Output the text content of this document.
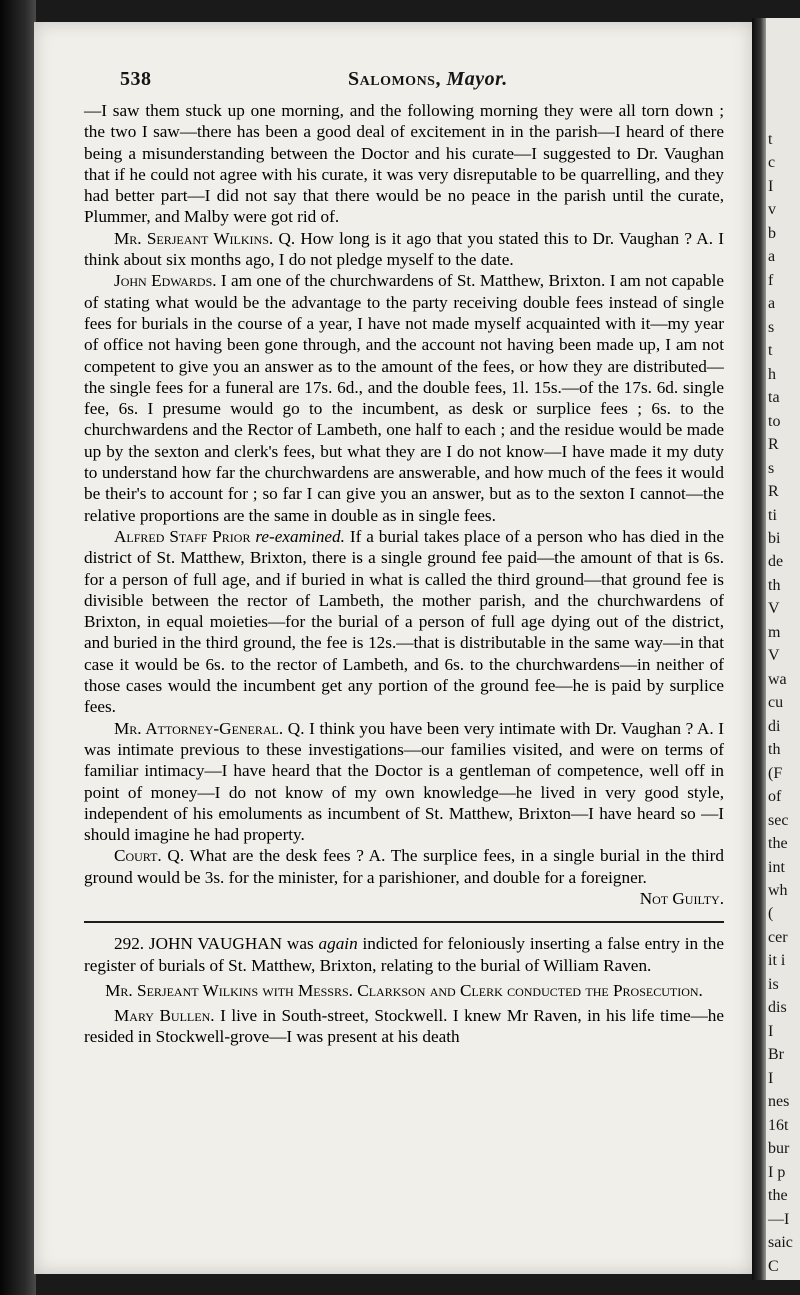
538	Salomons, Mayor.

—I saw them stuck up one morning, and the following morning they were all torn down ; the two I saw—there has been a good deal of excitement in in the parish—I heard of there being a misunderstanding between the Doctor and his curate—I suggested to Dr. Vaughan that if he could not agree with his curate, it was very disreputable to be quarrelling, and they had better part—I did not say that there would be no peace in the parish until the curate, Plummer, and Malby were got rid of.

Mr. Serjeant Wilkins. Q. How long is it ago that you stated this to Dr. Vaughan ? A. I think about six months ago, I do not pledge myself to the date.

John Edwards. I am one of the churchwardens of St. Matthew, Brixton. I am not capable of stating what would be the advantage to the party receiving double fees instead of single fees for burials in the course of a year, I have not made myself acquainted with it—my year of office not having been gone through, and the account not having been made up, I am not competent to give you an answer as to the amount of the fees, or how they are distributed—the single fees for a funeral are 17s. 6d., and the double fees, 1l. 15s.—of the 17s. 6d. single fee, 6s. I presume would go to the incumbent, as desk or surplice fees ; 6s. to the churchwardens and the Rector of Lambeth, one half to each ; and the residue would be made up by the sexton and clerk's fees, but what they are I do not know—I have made it my duty to understand how far the churchwardens are answerable, and how much of the fees it would be their's to account for ; so far I can give you an answer, but as to the sexton I cannot—the relative proportions are the same in double as in single fees.

Alfred Staff Prior re-examined. If a burial takes place of a person who has died in the district of St. Matthew, Brixton, there is a single ground fee paid—the amount of that is 6s. for a person of full age, and if buried in what is called the third ground—that ground fee is divisible between the rector of Lambeth, the mother parish, and the churchwardens of Brixton, in equal moieties—for the burial of a person of full age dying out of the district, and buried in the third ground, the fee is 12s.—that is distributable in the same way—in that case it would be 6s. to the rector of Lambeth, and 6s. to the churchwardens—in neither of those cases would the incumbent get any portion of the ground fee—he is paid by surplice fees.

Mr. Attorney-General. Q. I think you have been very intimate with Dr. Vaughan ? A. I was intimate previous to these investigations—our families visited, and were on terms of familiar intimacy—I have heard that the Doctor is a gentleman of competence, well off in point of money—I do not know of my own knowledge—he lived in very good style, independent of his emoluments as incumbent of St. Matthew, Brixton—I have heard so —I should imagine he had property.

Court. Q. What are the desk fees ? A. The surplice fees, in a single burial in the third ground would be 3s. for the minister, for a parishioner, and double for a foreigner.
Not Guilty.

292. JOHN VAUGHAN was again indicted for feloniously inserting a false entry in the register of burials of St. Matthew, Brixton, relating to the burial of William Raven.

Mr. Serjeant Wilkins with Messrs. Clarkson and Clerk conducted the Prosecution.

Mary Bullen. I live in South-street, Stockwell. I knew Mr Raven, in his life time—he resided in Stockwell-grove—I was present at his death

t
c
I
v
b
a
f
a
s
t
h
ta
to
R
s
R
ti
bi
de
th
V
m
V
wa
cu
di
th
(F
of
sec
the
int
wh
(
cer
it i
is
dis
I
Br
I
nes
16t
bur
I p
the
—I
saic
C
